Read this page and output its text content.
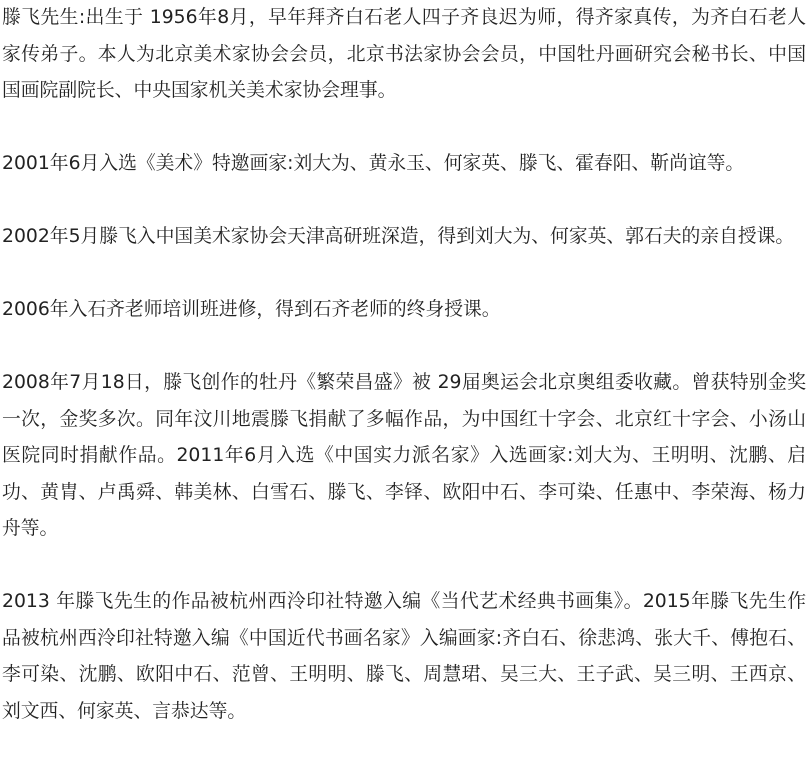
滕飞先生:出生于 1956年8月，早年拜齐白石老人四子齐良迟为师，得齐家真传，为齐白石老人家传弟子。本人为北京美术家协会会员，北京书法家协会会员，中国牡丹画研究会秘书长、中国国画院副院长、中央国家机关美术家协会理事。

2001年6月入选《美术》特邀画家:刘大为、黄永玉、何家英、滕飞、霍春阳、靳尚谊等。

2002年5月滕飞入中国美术家协会天津高研班深造，得到刘大为、何家英、郭石夫的亲自授课。

2006年入石齐老师培训班进修，得到石齐老师的终身授课。

2008年7月18日，滕飞创作的牡丹《繁荣昌盛》被 29届奥运会北京奥组委收藏。曾获特别金奖一次，金奖多次。同年汶川地震滕飞捐献了多幅作品，为中国红十字会、北京红十字会、小汤山医院同时捐献作品。2011年6月入选《中国实力派名家》入选画家:刘大为、王明明、沈鹏、启功、黄胄、卢禹舜、韩美林、白雪石、滕飞、李铎、欧阳中石、李可染、任惠中、李荣海、杨力舟等。

2013 年滕飞先生的作品被杭州西泠印社特邀入编《当代艺术经典书画集》。2015年滕飞先生作品被杭州西泠印社特邀入编《中国近代书画名家》入编画家:齐白石、徐悲鸿、张大千、傅抱石、李可染、沈鹏、欧阳中石、范曾、王明明、滕飞、周慧珺、吴三大、王子武、吴三明、王西京、刘文西、何家英、言恭达等。
